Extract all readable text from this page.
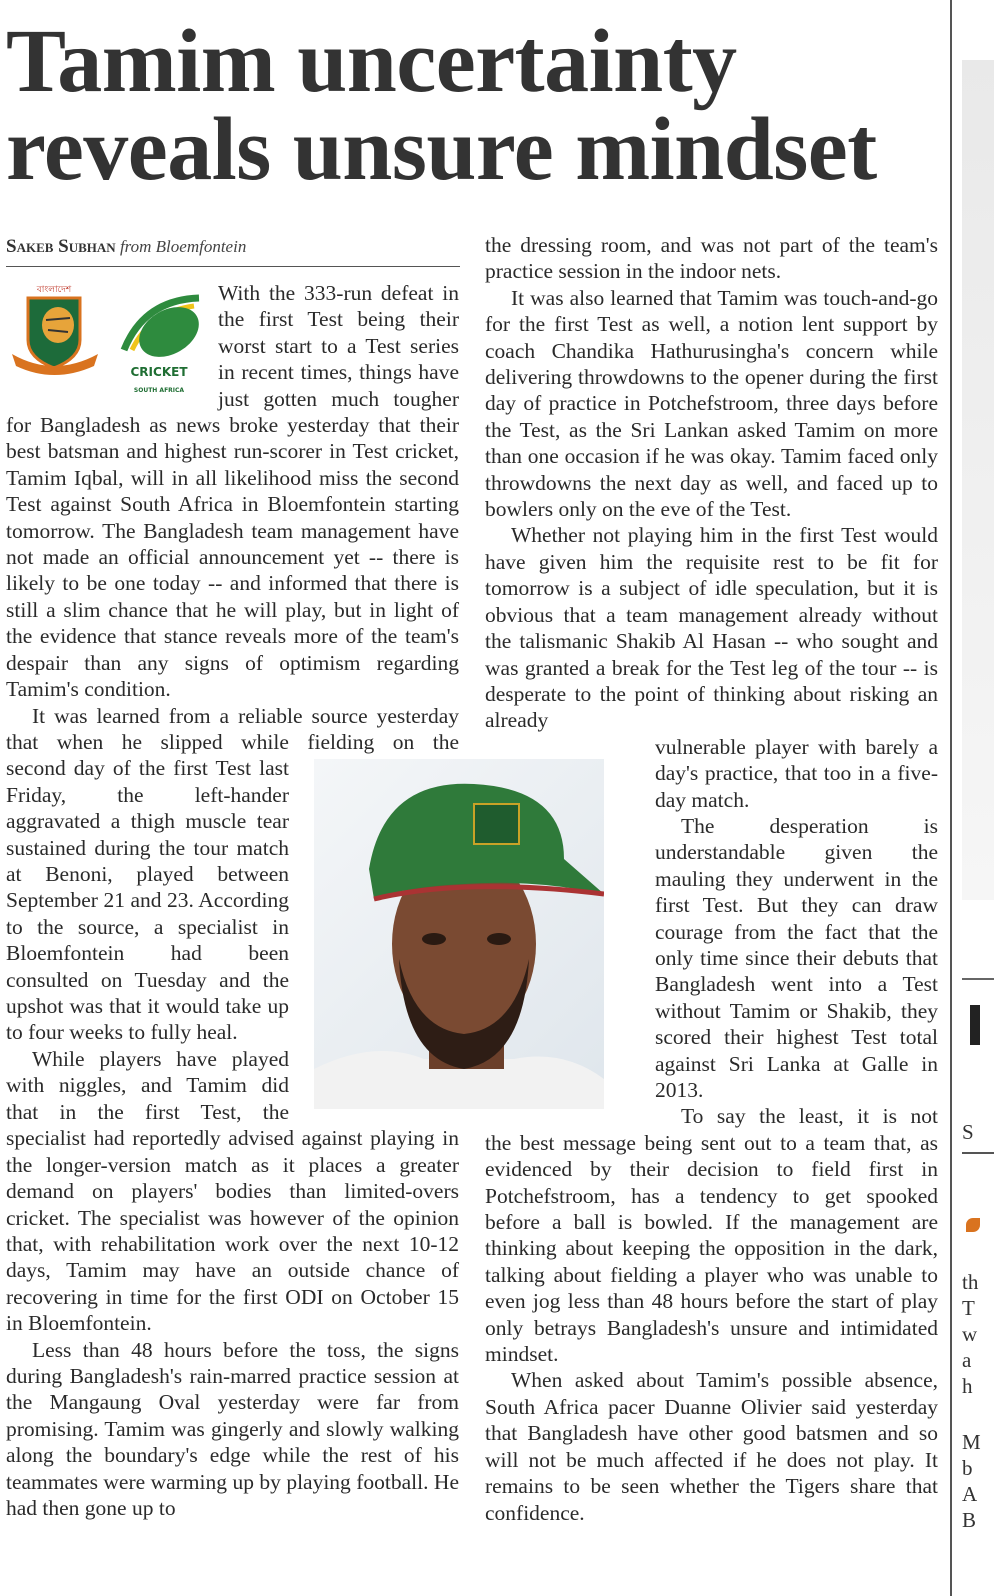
Tamim uncertainty
reveals unsure mindset
Sakeb Subhan from Bloemfontein
বাংলাদেশ
CRICKET
SOUTH AFRICA

With the 333-run defeat in the first Test being their worst start to a Test series in recent times, things have just gotten much tougher for Bangladesh as news broke yesterday that their best batsman and highest run-scorer in Test cricket, Tamim Iqbal, will in all likelihood miss the second Test against South Africa in Bloemfontein starting tomorrow. The Bangladesh team management have not made an official announcement yet -- there is likely to be one today -- and informed that there is still a slim chance that he will play, but in light of the evidence that stance reveals more of the team's despair than any signs of optimism regarding Tamim's condition.

It was learned from a reliable source yesterday that when he slipped while fielding on the

second day of the first Test last Friday, the left-hander aggravated a thigh muscle tear sustained during the tour match at Benoni, played between September 21 and 23. According to the source, a specialist in Bloemfontein had been consulted on Tuesday and the upshot was that it would take up to four weeks to fully heal.

While players have played with niggles, and Tamim did that in the first Test, the

specialist had reportedly advised against playing in the longer-version match as it places a greater demand on players' bodies than limited-overs cricket. The specialist was however of the opinion that, with rehabilitation work over the next 10-12 days, Tamim may have an outside chance of recovering in time for the first ODI on October 15 in Bloemfontein.

Less than 48 hours before the toss, the signs during Bangladesh's rain-marred practice session at the Mangaung Oval yesterday were far from promising. Tamim was gingerly and slowly walking along the boundary's edge while the rest of his teammates were warming up by playing football. He had then gone up to

the dressing room, and was not part of the team's practice session in the indoor nets.

It was also learned that Tamim was touch-and-go for the first Test as well, a notion lent support by coach Chandika Hathurusingha's concern while delivering throwdowns to the opener during the first day of practice in Potchefstroom, three days before the Test, as the Sri Lankan asked Tamim on more than one occasion if he was okay. Tamim faced only throwdowns the next day as well, and faced up to bowlers only on the eve of the Test.

Whether not playing him in the first Test would have given him the requisite rest to be fit for tomorrow is a subject of idle speculation, but it is obvious that a team management already without the talismanic Shakib Al Hasan -- who sought and was granted a break for the Test leg of the tour -- is desperate to the point of thinking about risking an already

vulnerable player with barely a day's practice, that too in a five-day match.

The desperation is understandable given the mauling they underwent in the first Test. But they can draw courage from the fact that the only time since their debuts that Bangladesh went into a Test without Tamim or Shakib, they scored their highest Test total against Sri Lanka at Galle in 2013.

To say the least, it is not

the best message being sent out to a team that, as evidenced by their decision to field first in Potchefstroom, has a tendency to get spooked before a ball is bowled. If the management are thinking about keeping the opposition in the dark, talking about fielding a player who was unable to even jog less than 48 hours before the start of play only betrays Bangladesh's unsure and intimidated mindset.

When asked about Tamim's possible absence, South Africa pacer Duanne Olivier said yesterday that Bangladesh have other good batsmen and so will not be much affected if he does not play. It remains to be seen whether the Tigers share that confidence.

S
th
T
w
a
h
M
b
A
B
